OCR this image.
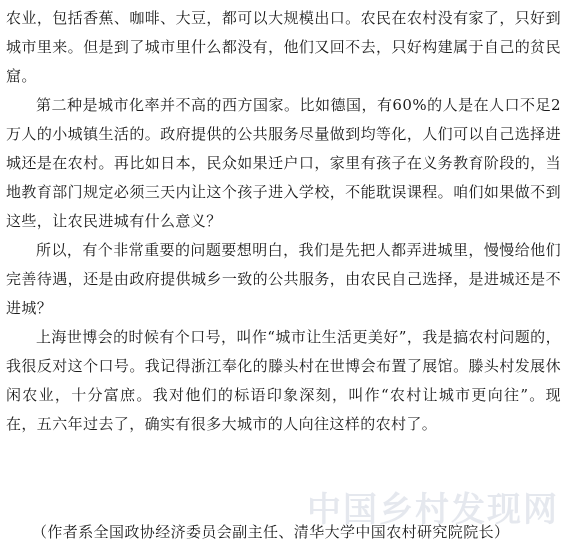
农业，包括香蕉、咖啡、大豆，都可以大规模出口。农民在农村没有家了，只好到城市里来。但是到了城市里什么都没有，他们又回不去，只好构建属于自己的贫民窟。

第二种是城市化率并不高的西方国家。比如德国，有60%的人是在人口不足2万人的小城镇生活的。政府提供的公共服务尽量做到均等化，人们可以自己选择进城还是在农村。再比如日本，民众如果迁户口，家里有孩子在义务教育阶段的，当地教育部门规定必须三天内让这个孩子进入学校，不能耽误课程。咱们如果做不到这些，让农民进城有什么意义？

所以，有个非常重要的问题要想明白，我们是先把人都弄进城里，慢慢给他们完善待遇，还是由政府提供城乡一致的公共服务，由农民自己选择，是进城还是不进城？

上海世博会的时候有个口号，叫作“城市让生活更美好”，我是搞农村问题的，我很反对这个口号。我记得浙江奉化的滕头村在世博会布置了展馆。滕头村发展休闲农业，十分富庶。我对他们的标语印象深刻，叫作“农村让城市更向往”。现在，五六年过去了，确实有很多大城市的人向往这样的农村了。

中国乡村发现网
（作者系全国政协经济委员会副主任、清华大学中国农村研究院院长）
